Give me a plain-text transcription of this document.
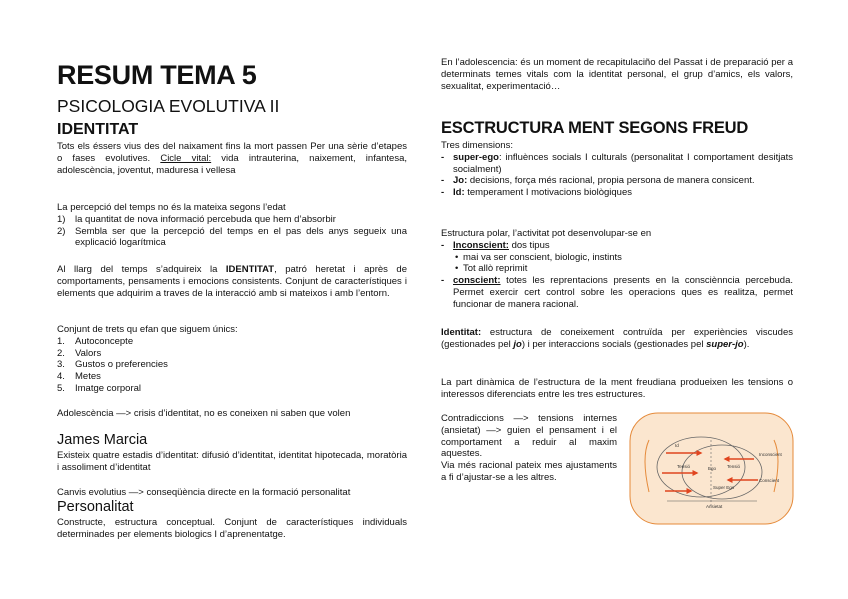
RESUM TEMA 5
PSICOLOGIA EVOLUTIVA II
IDENTITAT
Tots els éssers vius des del naixament fins la mort passen Per una sèrie d’etapes o fases evolutives. Cicle vital: vida intrauterina, naixement, infantesa, adolescència, joventut, maduresa i vellesa
La percepció del temps no és la mateixa segons l’edat
1) la quantitat de nova informació percebuda que hem d’absorbir
2) Sembla ser que la percepció del temps en el pas dels anys segueix una explicació logarítmica
Al llarg del temps s’adquireix la IDENTITAT, patró heretat i après de comportaments, pensaments i emocions consistents. Conjunt de característiques i elements que adquirim a traves de la interacció amb si mateixos i amb l’entorn.
Conjunt de trets qu efan que siguem únics:
1. Autoconcepte
2. Valors
3. Gustos o preferencies
4. Metes
5. Imatge corporal
Adolescència —> crisis d’identitat, no es coneixen ni saben que volen
James Marcia
Existeix quatre estadis d’identitat: difusió d’identitat, identitat hipotecada, moratòria i assoliment d’identitat
Canvis evolutius —> conseqüència directe en la formació personalitat
Personalitat
Constructe, estructura conceptual. Conjunt de característiques individuals determinades per elements biologics I d’aprenentatge.
En l’adolescencia: és un moment de recapitulaciño del Passat i de preparació per a determinats temes vitals com la identitat personal, el grup d’amics, els valors, sexualitat, experimentació…
ESCTRUCTURA MENT SEGONS FREUD
Tres dimensions:
- super-ego: influènces socials I culturals (personalitat I comportament desitjats socialment)
- Jo: decisions, força més racional, propia persona de manera consicent.
- Id: temperament I motivacions biològiques
Estructura polar, l’activitat pot desenvolupar-se en
- Inconscient: dos tipus
• mai va ser conscient, biologic, instints
• Tot allò reprimit
- conscient: totes les reprentacions presents en la consciènncia percebuda. Permet exercir cert control sobre les operacions ques es realitza, permet funcionar de manera racional.
Identitat: estructura de coneixement contruïda per experiències viscudes (gestionades pel jo) i per interaccions socials (gestionades pel super-jo).
La part dinàmica de l’estructura de la ment freudiana produeixen les tensions o interessos diferenciats entre les tres estructures.
Contradiccions —> tensions internes (ansietat) —> guien el pensament i el comportament a reduir al maxim aquestes.
Via més racional pateix mes ajustaments a fi d’ajustar-se a les altres.
Id
Inconscient
Conscient
Tensió	Ego Tensió
Super Ego
Ansietat
